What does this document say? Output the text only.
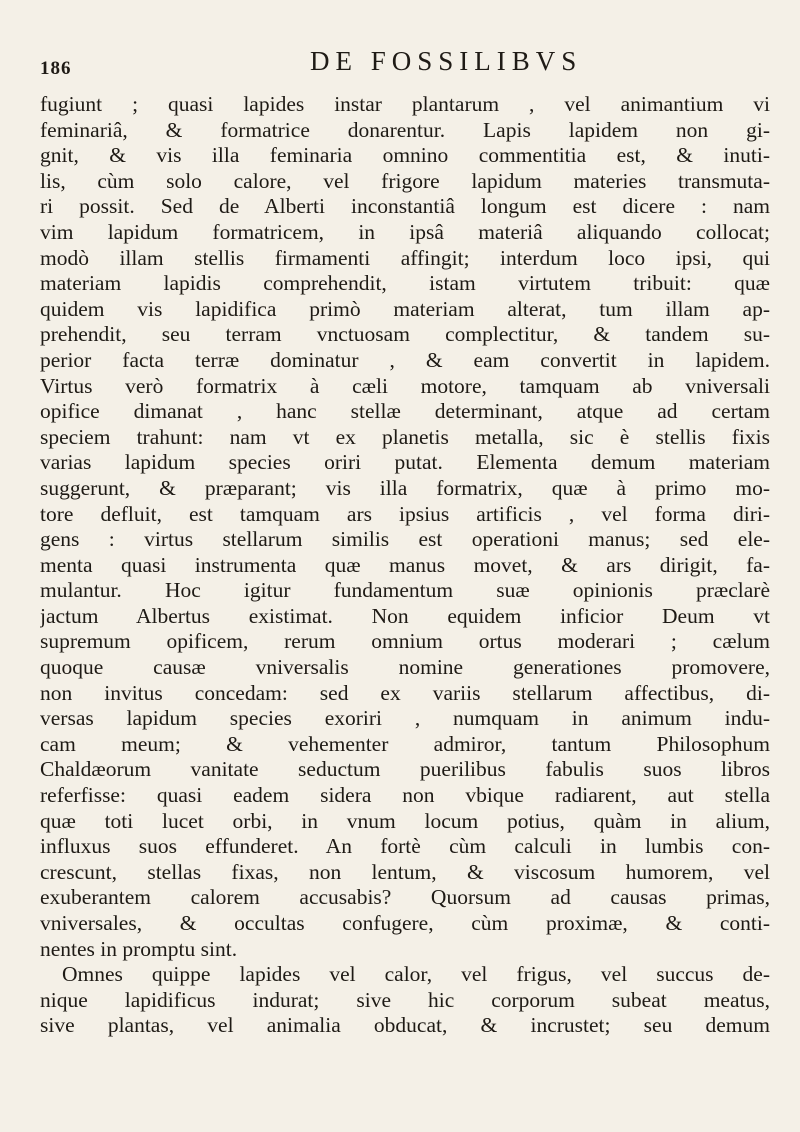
186	DE FOSSILIBVS
fugiunt ; quasi lapides instar plantarum , vel animantium vi
feminariâ, & formatrice donarentur. Lapis lapidem non gi-
gnit, & vis illa feminaria omnino commentitia est, & inuti-
lis, cùm solo calore, vel frigore lapidum materies transmuta-
ri possit. Sed de Alberti inconstantiâ longum est dicere : nam
vim lapidum formatricem, in ipsâ materiâ aliquando collocat;
modò illam stellis firmamenti affingit; interdum loco ipsi, qui
materiam lapidis comprehendit, istam virtutem tribuit: quæ
quidem vis lapidifica primò materiam alterat, tum illam ap-
prehendit, seu terram vnctuosam complectitur, & tandem su-
perior facta terræ dominatur , & eam convertit in lapidem.
Virtus verò formatrix à cæli motore, tamquam ab vniversali
opifice dimanat , hanc stellæ determinant, atque ad certam
speciem trahunt: nam vt ex planetis metalla, sic è stellis fixis
varias lapidum species oriri putat. Elementa demum materiam
suggerunt, & præparant; vis illa formatrix, quæ à primo mo-
tore defluit, est tamquam ars ipsius artificis , vel forma diri-
gens : virtus stellarum similis est operationi manus; sed ele-
menta quasi instrumenta quæ manus movet, & ars dirigit, fa-
mulantur. Hoc igitur fundamentum suæ opinionis præclarè
jactum Albertus existimat. Non equidem inficior Deum vt
supremum opificem, rerum omnium ortus moderari ; cælum
quoque causæ vniversalis nomine generationes promovere,
non invitus concedam: sed ex variis stellarum affectibus, di-
versas lapidum species exoriri , numquam in animum indu-
cam meum; & vehementer admiror, tantum Philosophum
Chaldæorum vanitate seductum puerilibus fabulis suos libros
referfisse: quasi eadem sidera non vbique radiarent, aut stella
quæ toti lucet orbi, in vnum locum potius, quàm in alium,
influxus suos effunderet. An fortè cùm calculi in lumbis con-
crescunt, stellas fixas, non lentum, & viscosum humorem, vel
exuberantem calorem accusabis? Quorsum ad causas primas,
vniversales, & occultas confugere, cùm proximæ, & conti-
nentes in promptu sint.
Omnes quippe lapides vel calor, vel frigus, vel succus de-
nique lapidificus indurat; sive hic corporum subeat meatus,
sive plantas, vel animalia obducat, & incrustet; seu demum
